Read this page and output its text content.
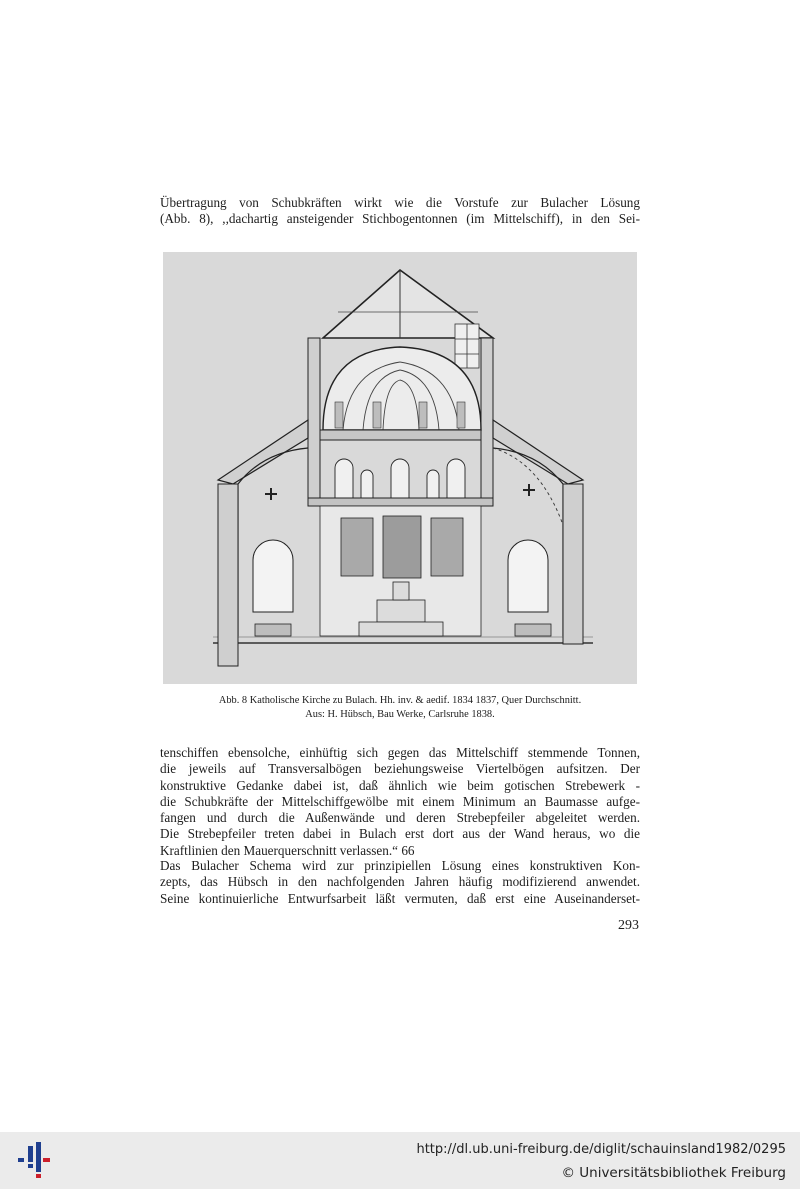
Übertragung von Schubkräften wirkt wie die Vorstufe zur Bulacher Lösung
(Abb. 8), ,,dachartig ansteigender Stichbogentonnen (im Mittelschiff), in den Sei-

Abb. 8 Katholische Kirche zu Bulach. Hh. inv. & aedif. 1834 1837, Quer Durchschnitt.
Aus: H. Hübsch, Bau Werke, Carlsruhe 1838.

tenschiffen ebensolche, einhüftig sich gegen das Mittelschiff stemmende Tonnen,
die jeweils auf Transversalbögen beziehungsweise Viertelbögen aufsitzen. Der
konstruktive Gedanke dabei ist, daß ähnlich wie beim gotischen Strebewerk -
die Schubkräfte der Mittelschiffgewölbe mit einem Minimum an Baumasse aufge-
fangen und durch die Außenwände und deren Strebepfeiler abgeleitet werden.
Die Strebepfeiler treten dabei in Bulach erst dort aus der Wand heraus, wo die
Kraftlinien den Mauerquerschnitt verlassen.“ 66

Das Bulacher Schema wird zur prinzipiellen Lösung eines konstruktiven Kon-
zepts, das Hübsch in den nachfolgenden Jahren häufig modifizierend anwendet.
Seine kontinuierliche Entwurfsarbeit läßt vermuten, daß erst eine Auseinanderset-

293
http://dl.ub.uni-freiburg.de/diglit/schauinsland1982/0295
© Universitätsbibliothek Freiburg
